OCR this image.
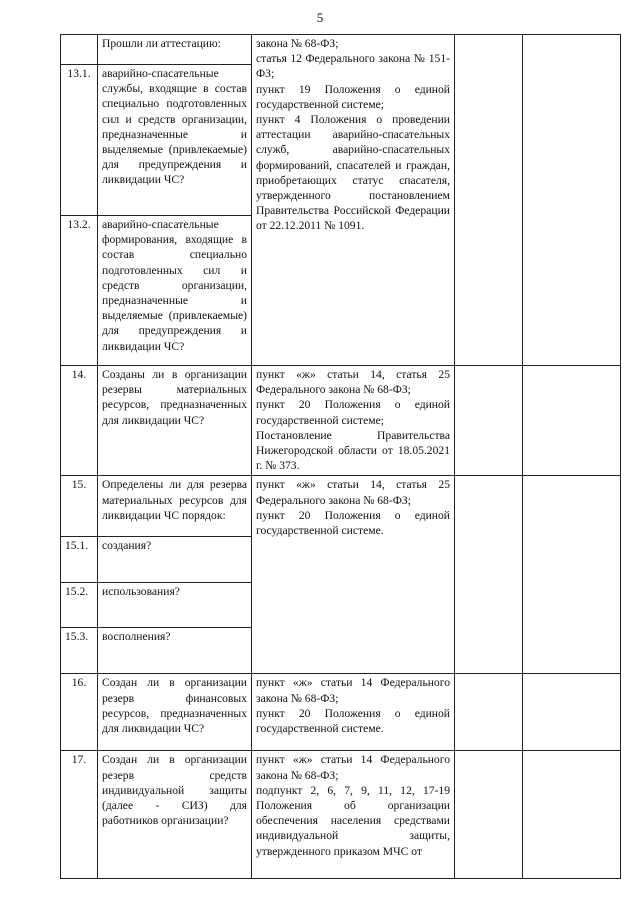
5
	Прошли ли аттестацию:	закона № 68-ФЗ;
статья 12 Федерального закона № 151-ФЗ;
пункт 19 Положения о единой государственной системе;
пункт 4 Положения о проведении аттестации аварийно-спасательных служб, аварийно-спасательных формирований, спасателей и граждан, приобретающих статус спасателя, утвержденного постановлением Правительства Российской Федерации от 22.12.2011 № 1091.		

13.1.	аварийно-спасательные службы, входящие в состав специально подготовленных сил и средств организации, предназначенные и выделяемые (привлекаемые) для предупреждения и ликвидации ЧС?			
13.2.	аварийно-спасательные формирования, входящие в состав специально подготовленных сил и средств организации, предназначенные и выделяемые (привлекаемые) для предупреждения и ликвидации ЧС?			
14.	Созданы ли в организации резервы материальных ресурсов, предназначенных для ликвидации ЧС?	пункт «ж» статьи 14, статья 25 Федерального закона № 68-ФЗ;
пункт 20 Положения о единой государственной системе;
Постановление Правительства Нижегородской области от 18.05.2021 г. № 373.		

15.	Определены ли для резерва материальных ресурсов для ликвидации ЧС порядок:	пункт «ж» статьи 14, статья 25 Федерального закона № 68-ФЗ;
пункт 20 Положения о единой государственной системе.		

15.1.	создания?			
15.2.	использования?			
15.3.	восполнения?			
16.	Создан ли в организации резерв финансовых ресурсов, предназначенных для ликвидации ЧС?	пункт «ж» статьи 14 Федерального закона № 68-ФЗ;
пункт 20 Положения о единой государственной системе.		

17.	Создан ли в организации резерв средств индивидуальной защиты (далее - СИЗ) для работников организации?	пункт «ж» статьи 14 Федерального закона № 68-ФЗ;
подпункт 2, 6, 7, 9, 11, 12, 17-19 Положения об организации обеспечения населения средствами индивидуальной защиты, утвержденного приказом МЧС от		
